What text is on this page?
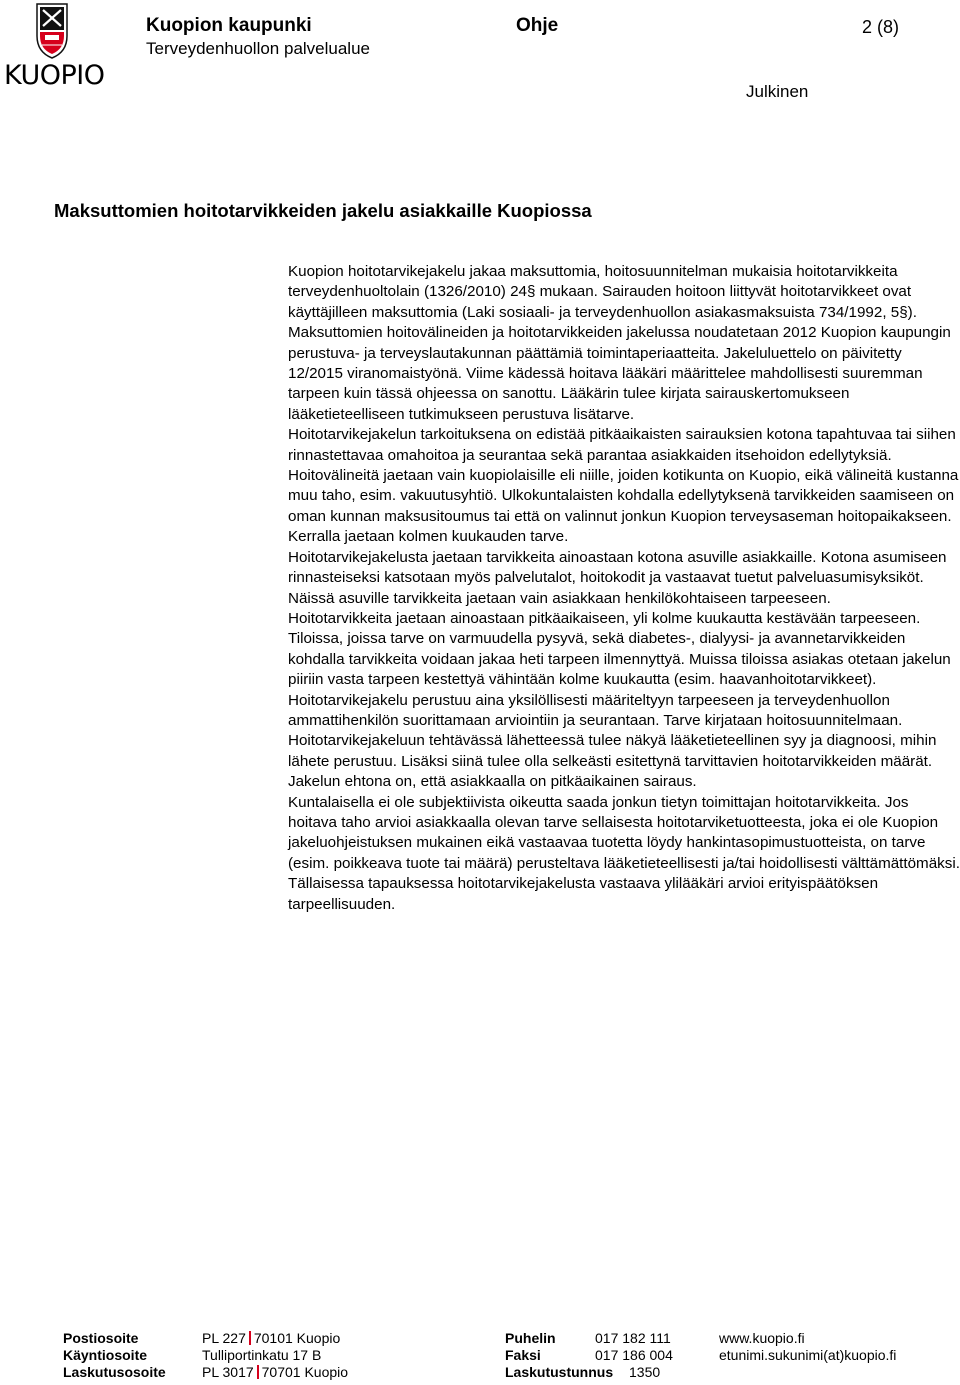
KUOPIO
Kuopion kaupunki
Terveydenhuollon palvelualue
Ohje	2 (8)
Julkinen
Maksuttomien hoitotarvikkeiden jakelu asiakkaille Kuopiossa

Kuopion hoitotarvikejakelu jakaa maksuttomia, hoitosuunnitelman mukaisia hoitotarvikkeita terveydenhuoltolain (1326/2010) 24§ mukaan. Sairauden hoitoon liittyvät hoitotarvikkeet ovat käyttäjilleen maksuttomia (Laki sosiaali- ja terveydenhuollon asiakasmaksuista 734/1992, 5§).

Maksuttomien hoitovälineiden ja hoitotarvikkeiden jakelussa noudatetaan 2012 Kuopion kaupungin perustuva- ja terveyslautakunnan päättämiä toimintaperiaatteita. Jakeluluettelo on päivitetty 12/2015 viranomaistyönä. Viime kädessä hoitava lääkäri määrittelee mahdollisesti suuremman tarpeen kuin tässä ohjeessa on sanottu. Lääkärin tulee kirjata sairauskertomukseen lääketieteelliseen tutkimukseen perustuva lisätarve.

Hoitotarvikejakelun tarkoituksena on edistää pitkäaikaisten sairauksien kotona tapahtuvaa tai siihen rinnastettavaa omahoitoa ja seurantaa sekä parantaa asiakkaiden itsehoidon edellytyksiä. Hoitovälineitä jaetaan vain kuopiolaisille eli niille, joiden kotikunta on Kuopio, eikä välineitä kustanna muu taho, esim. vakuutusyhtiö. Ulkokuntalaisten kohdalla edellytyksenä tarvikkeiden saamiseen on oman kunnan maksusitoumus tai että on valinnut jonkun Kuopion terveysaseman hoitopaikakseen. Kerralla jaetaan kolmen kuukauden tarve.

Hoitotarvikejakelusta jaetaan tarvikkeita ainoastaan kotona asuville asiakkaille. Kotona asumiseen rinnasteiseksi katsotaan myös palvelutalot, hoitokodit ja vastaavat tuetut palveluasumisyksiköt. Näissä asuville tarvikkeita jaetaan vain asiakkaan henkilökohtaiseen tarpeeseen.

Hoitotarvikkeita jaetaan ainoastaan pitkäaikaiseen, yli kolme kuukautta kestävään tarpeeseen. Tiloissa, joissa tarve on varmuudella pysyvä, sekä diabetes-, dialyysi- ja avannetarvikkeiden kohdalla tarvikkeita voidaan jakaa heti tarpeen ilmennyttyä. Muissa tiloissa asiakas otetaan jakelun piiriin vasta tarpeen kestettyä vähintään kolme kuukautta (esim. haavanhoitotarvikkeet).

Hoitotarvikejakelu perustuu aina yksilöllisesti määriteltyyn tarpeeseen ja terveydenhuollon ammattihenkilön suorittamaan arviointiin ja seurantaan. Tarve kirjataan hoitosuunnitelmaan. Hoitotarvikejakeluun tehtävässä lähetteessä tulee näkyä lääketieteellinen syy ja diagnoosi, mihin lähete perustuu. Lisäksi siinä tulee olla selkeästi esitettynä tarvittavien hoitotarvikkeiden määrät. Jakelun ehtona on, että asiakkaalla on pitkäaikainen sairaus.

Kuntalaisella ei ole subjektiivista oikeutta saada jonkun tietyn toimittajan hoitotarvikkeita. Jos hoitava taho arvioi asiakkaalla olevan tarve sellaisesta hoitotarviketuotteesta, joka ei ole Kuopion jakeluohjeistuksen mukainen eikä vastaavaa tuotetta löydy hankintasopimustuotteista, on tarve (esim. poikkeava tuote tai määrä) perusteltava lääketieteellisesti ja/tai hoidollisesti välttämättömäksi. Tällaisessa tapauksessa hoitotarvikejakelusta vastaava ylilääkäri arvioi erityispäätöksen tarpeellisuuden.

Postiosoite
Käyntiosoite
Laskutusosoite
PL 227 70101 Kuopio
Tulliportinkatu 17 B
PL 3017 70701 Kuopio
Puhelin
Faksi
Laskutustunnus
017 182 111
017 186 004
1350
www.kuopio.fi
etunimi.sukunimi(at)kuopio.fi
